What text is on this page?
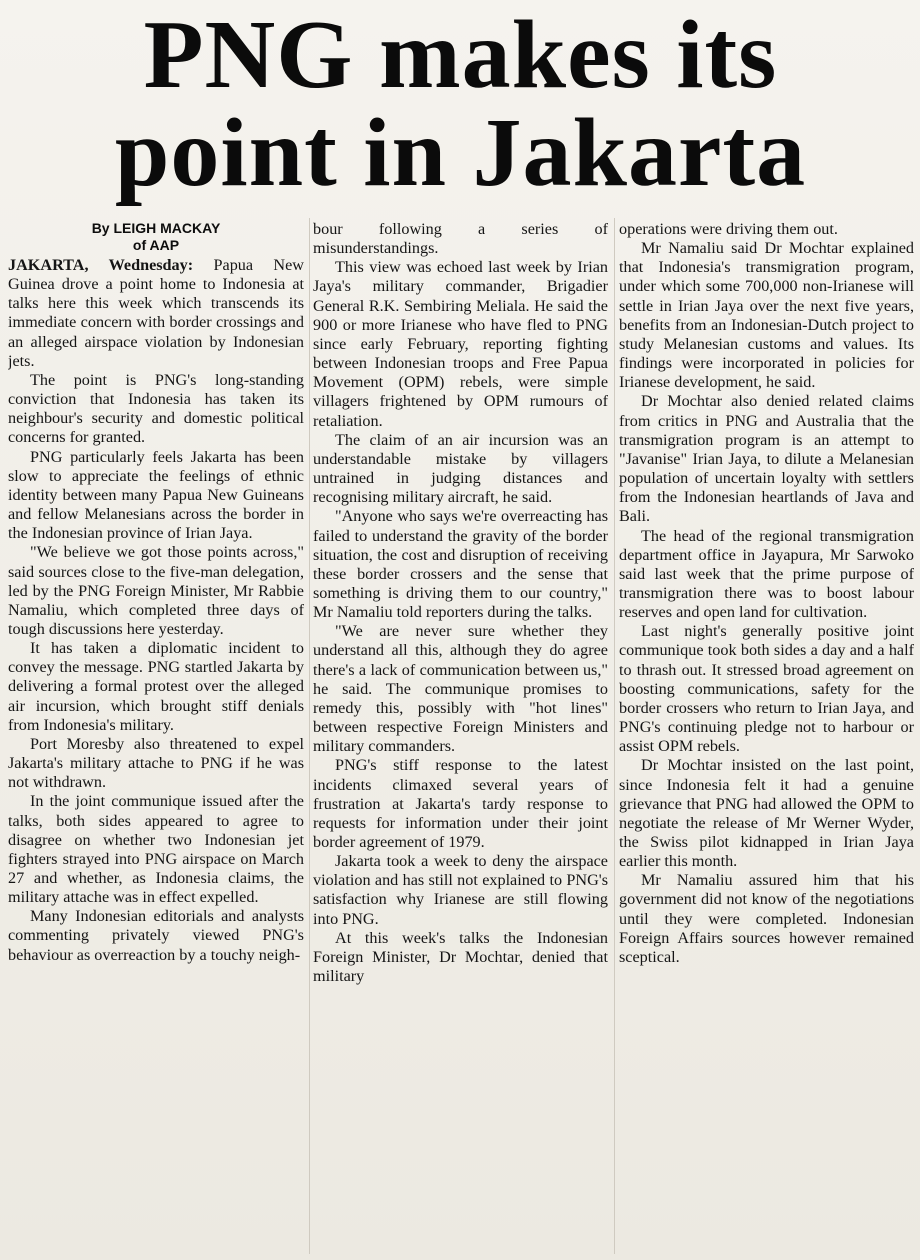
PNG makes its
point in Jakarta
By LEIGH MACKAY
of AAP

JAKARTA, Wednesday: Papua New Guinea drove a point home to Indonesia at talks here this week which transcends its immediate concern with border crossings and an alleged airspace violation by Indonesian jets.

The point is PNG's long-standing conviction that Indonesia has taken its neighbour's security and domestic political concerns for granted.

PNG particularly feels Jakarta has been slow to appreciate the feelings of ethnic identity between many Papua New Guineans and fellow Melanesians across the border in the Indonesian province of Irian Jaya.

"We believe we got those points across," said sources close to the five-man delegation, led by the PNG Foreign Minister, Mr Rabbie Namaliu, which completed three days of tough discussions here yesterday.

It has taken a diplomatic incident to convey the message. PNG startled Jakarta by delivering a formal protest over the alleged air incursion, which brought stiff denials from Indonesia's military.

Port Moresby also threatened to expel Jakarta's military attache to PNG if he was not withdrawn.

In the joint communique issued after the talks, both sides appeared to agree to disagree on whether two Indonesian jet fighters strayed into PNG airspace on March 27 and whether, as Indonesia claims, the military attache was in effect expelled.

Many Indonesian editorials and analysts commenting privately viewed PNG's behaviour as overreaction by a touchy neigh-

bour following a series of misunderstandings.

This view was echoed last week by Irian Jaya's military commander, Brigadier General R.K. Sembiring Meliala. He said the 900 or more Irianese who have fled to PNG since early February, reporting fighting between Indonesian troops and Free Papua Movement (OPM) rebels, were simple villagers frightened by OPM rumours of retaliation.

The claim of an air incursion was an understandable mistake by villagers untrained in judging distances and recognising military aircraft, he said.

"Anyone who says we're overreacting has failed to understand the gravity of the border situation, the cost and disruption of receiving these border crossers and the sense that something is driving them to our country," Mr Namaliu told reporters during the talks.

"We are never sure whether they understand all this, although they do agree there's a lack of communication between us," he said. The communique promises to remedy this, possibly with "hot lines" between respective Foreign Ministers and military commanders.

PNG's stiff response to the latest incidents climaxed several years of frustration at Jakarta's tardy response to requests for information under their joint border agreement of 1979.

Jakarta took a week to deny the airspace violation and has still not explained to PNG's satisfaction why Irianese are still flowing into PNG.

At this week's talks the Indonesian Foreign Minister, Dr Mochtar, denied that military

operations were driving them out.

Mr Namaliu said Dr Mochtar explained that Indonesia's transmigration program, under which some 700,000 non-Irianese will settle in Irian Jaya over the next five years, benefits from an Indonesian-Dutch project to study Melanesian customs and values. Its findings were incorporated in policies for Irianese development, he said.

Dr Mochtar also denied related claims from critics in PNG and Australia that the transmigration program is an attempt to "Javanise" Irian Jaya, to dilute a Melanesian population of uncertain loyalty with settlers from the Indonesian heartlands of Java and Bali.

The head of the regional transmigration department office in Jayapura, Mr Sarwoko said last week that the prime purpose of transmigration there was to boost labour reserves and open land for cultivation.

Last night's generally positive joint communique took both sides a day and a half to thrash out. It stressed broad agreement on boosting communications, safety for the border crossers who return to Irian Jaya, and PNG's continuing pledge not to harbour or assist OPM rebels.

Dr Mochtar insisted on the last point, since Indonesia felt it had a genuine grievance that PNG had allowed the OPM to negotiate the release of Mr Werner Wyder, the Swiss pilot kidnapped in Irian Jaya earlier this month.

Mr Namaliu assured him that his government did not know of the negotiations until they were completed. Indonesian Foreign Affairs sources however remained sceptical.
